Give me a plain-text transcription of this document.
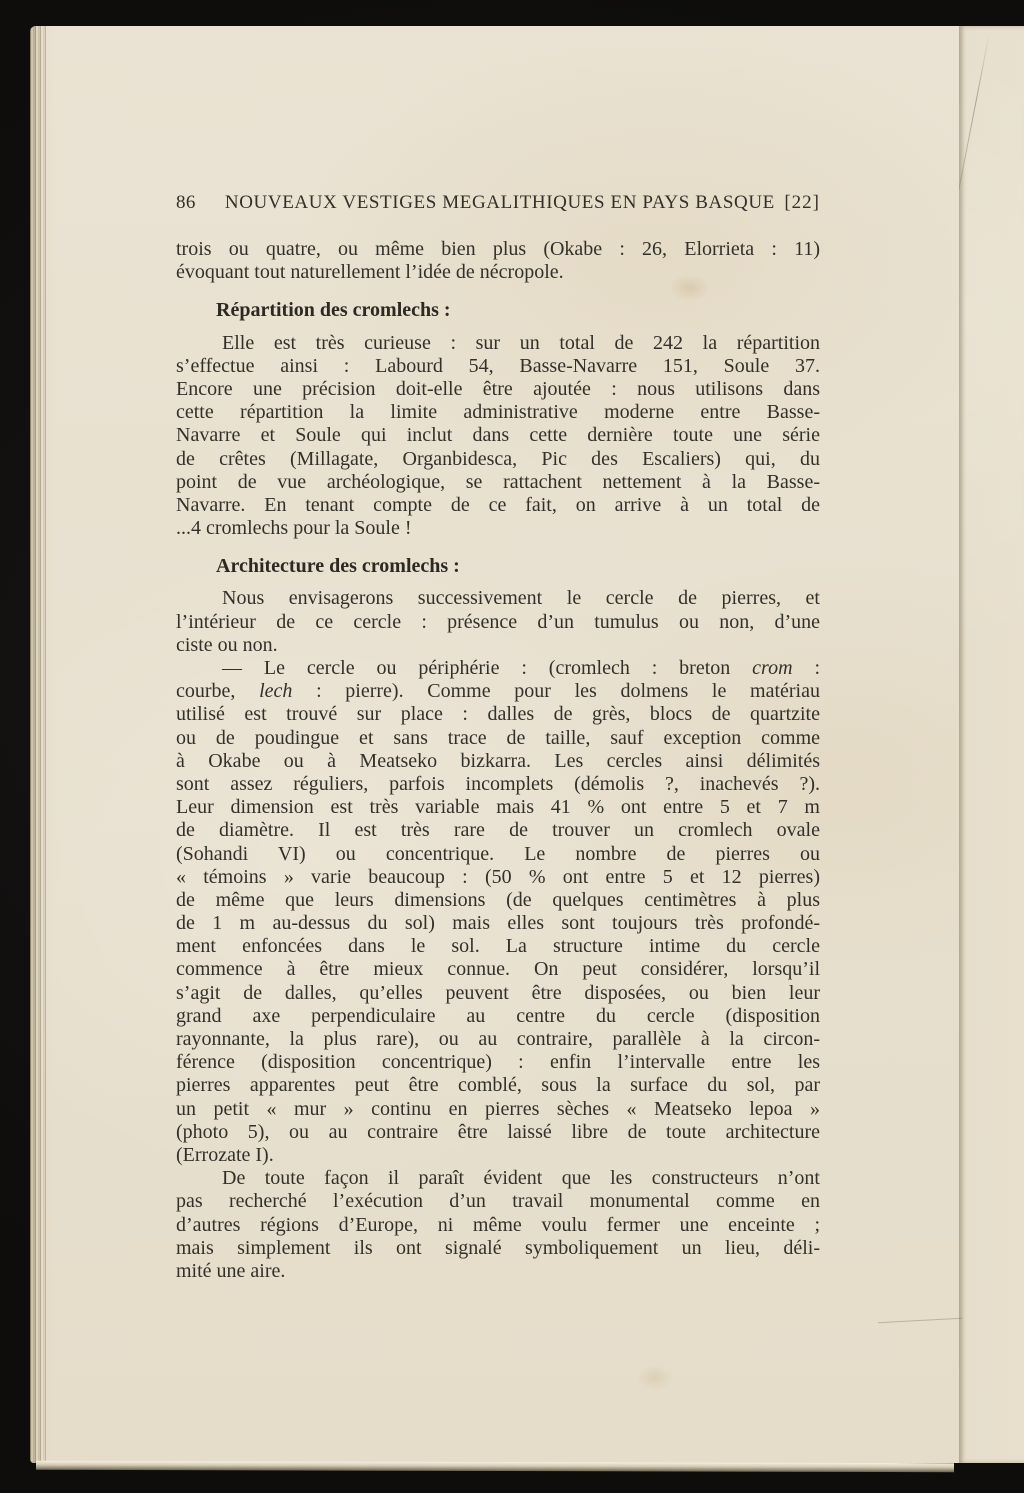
86	NOUVEAUX VESTIGES MEGALITHIQUES EN PAYS BASQUE [22]
trois ou quatre, ou même bien plus (Okabe : 26, Elorrieta : 11)
évoquant tout naturellement l’idée de nécropole.
Répartition des cromlechs :
Elle est très curieuse : sur un total de 242 la répartition
s’effectue ainsi : Labourd 54, Basse-Navarre 151, Soule 37.
Encore une précision doit-elle être ajoutée : nous utilisons dans
cette répartition la limite administrative moderne entre Basse-
Navarre et Soule qui inclut dans cette dernière toute une série
de crêtes (Millagate, Organbidesca, Pic des Escaliers) qui, du
point de vue archéologique, se rattachent nettement à la Basse-
Navarre. En tenant compte de ce fait, on arrive à un total de
...4 cromlechs pour la Soule !
Architecture des cromlechs :
Nous envisagerons successivement le cercle de pierres, et
l’intérieur de ce cercle : présence d’un tumulus ou non, d’une
ciste ou non.
— Le cercle ou périphérie : (cromlech : breton crom :
courbe, lech : pierre). Comme pour les dolmens le matériau
utilisé est trouvé sur place : dalles de grès, blocs de quartzite
ou de poudingue et sans trace de taille, sauf exception comme
à Okabe ou à Meatseko bizkarra. Les cercles ainsi délimités
sont assez réguliers, parfois incomplets (démolis ?, inachevés ?).
Leur dimension est très variable mais 41 % ont entre 5 et 7 m
de diamètre. Il est très rare de trouver un cromlech ovale
(Sohandi VI) ou concentrique. Le nombre de pierres ou
« témoins » varie beaucoup : (50 % ont entre 5 et 12 pierres)
de même que leurs dimensions (de quelques centimètres à plus
de 1 m au-dessus du sol) mais elles sont toujours très profondé-
ment enfoncées dans le sol. La structure intime du cercle
commence à être mieux connue. On peut considérer, lorsqu’il
s’agit de dalles, qu’elles peuvent être disposées, ou bien leur
grand axe perpendiculaire au centre du cercle (disposition
rayonnante, la plus rare), ou au contraire, parallèle à la circon-
férence (disposition concentrique) : enfin l’intervalle entre les
pierres apparentes peut être comblé, sous la surface du sol, par
un petit « mur » continu en pierres sèches « Meatseko lepoa »
(photo 5), ou au contraire être laissé libre de toute architecture
(Errozate I).
De toute façon il paraît évident que les constructeurs n’ont
pas recherché l’exécution d’un travail monumental comme en
d’autres régions d’Europe, ni même voulu fermer une enceinte ;
mais simplement ils ont signalé symboliquement un lieu, déli-
mité une aire.
